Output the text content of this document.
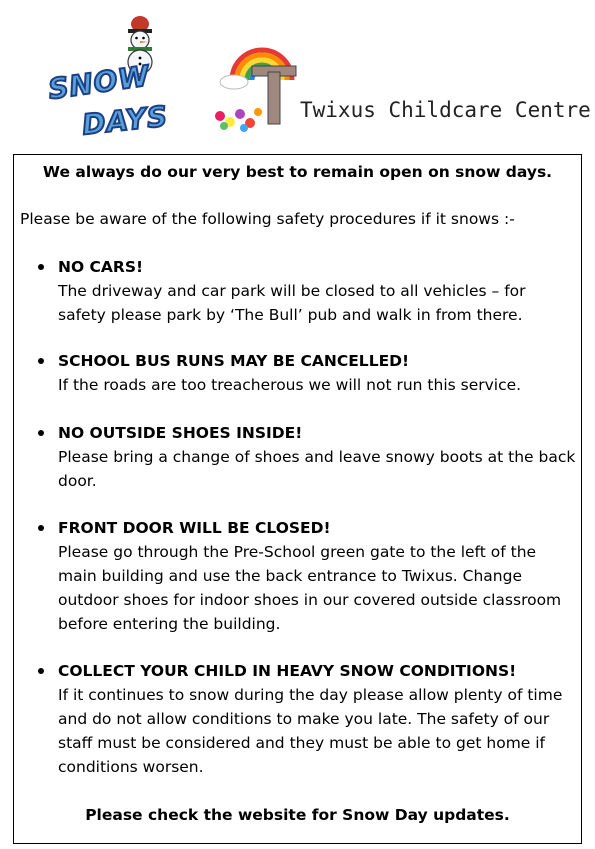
SNOW
DAYS	Twixus Childcare Centre
We always do our very best to remain open on snow days.
Please be aware of the following safety procedures if it snows :-
NO CARS!
The driveway and car park will be closed to all vehicles – for
safety please park by ‘The Bull’ pub and walk in from there.
SCHOOL BUS RUNS MAY BE CANCELLED!
If the roads are too treacherous we will not run this service.
NO OUTSIDE SHOES INSIDE!
Please bring a change of shoes and leave snowy boots at the back
door.
FRONT DOOR WILL BE CLOSED!
Please go through the Pre-School green gate to the left of the
main building and use the back entrance to Twixus. Change
outdoor shoes for indoor shoes in our covered outside classroom
before entering the building.
COLLECT YOUR CHILD IN HEAVY SNOW CONDITIONS!
If it continues to snow during the day please allow plenty of time
and do not allow conditions to make you late. The safety of our
staff must be considered and they must be able to get home if
conditions worsen.
Please check the website for Snow Day updates.
